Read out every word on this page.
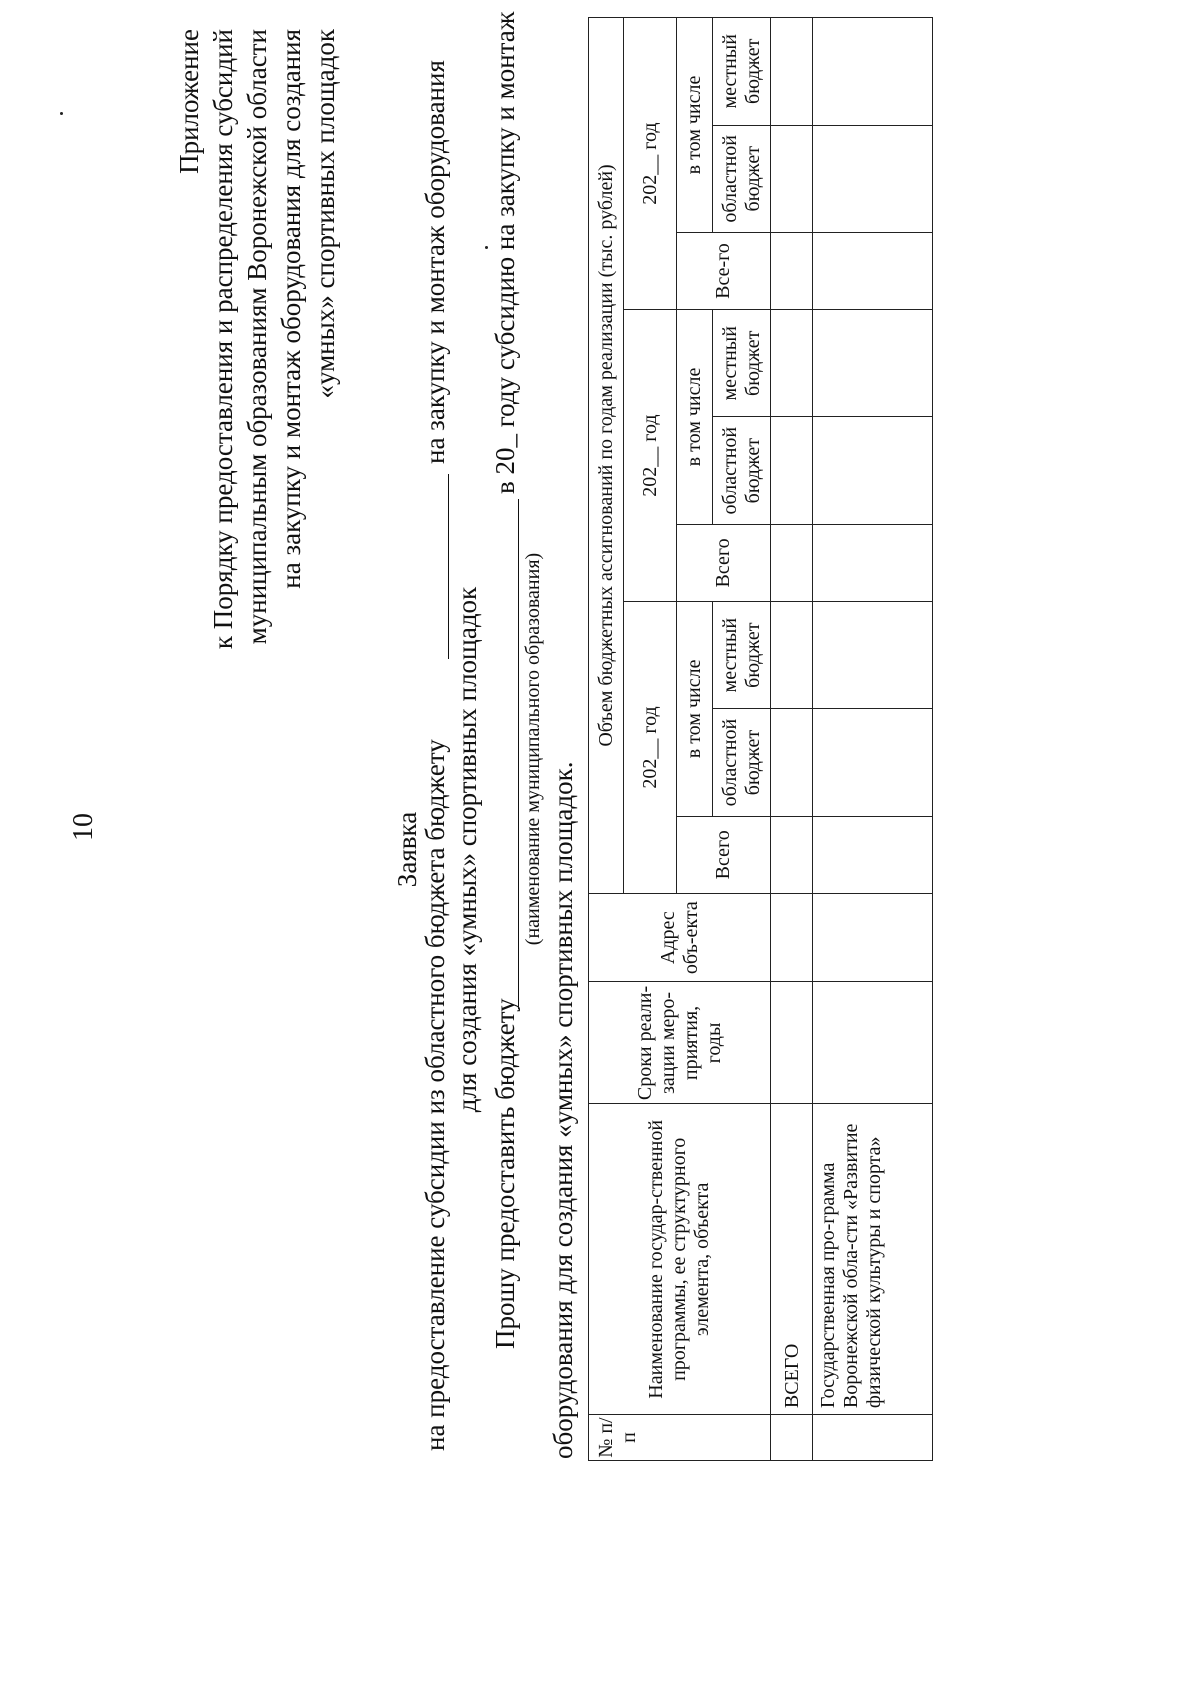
10
Приложение к Порядку предоставления и распределения субсидий муниципальным образованиям Воронежской области на закупку и монтаж оборудования для создания «умных» спортивных площадок
Заявка
на предоставление субсидии из областного бюджета бюджету
на закупку и монтаж оборудования
для создания «умных» спортивных площадок
Прошу предоставить бюджету
в 20_ году субсидию на закупку и монтаж
(наименование муниципального образования)
оборудования для создания «умных» спортивных площадок. № п/п	Наименование государ-ственной программы, ее структурного элемента, объекта	Сроки реали-зации меро-приятия, годы	Адрес объ-екта	Объем бюджетных ассигнований по годам реализации (тыс. рублей)								
				202__ год			202__ год			202__ год		
				Всего	в том числе		Всего	в том числе		Все-го	в том числе	
					областной бюджет	местный бюджет		областной бюджет	местный бюджет		областной бюджет	местный бюджет
	ВСЕГО											
	Государственная про-грамма Воронежской обла-сти «Развитие физической культуры и спорта»											
